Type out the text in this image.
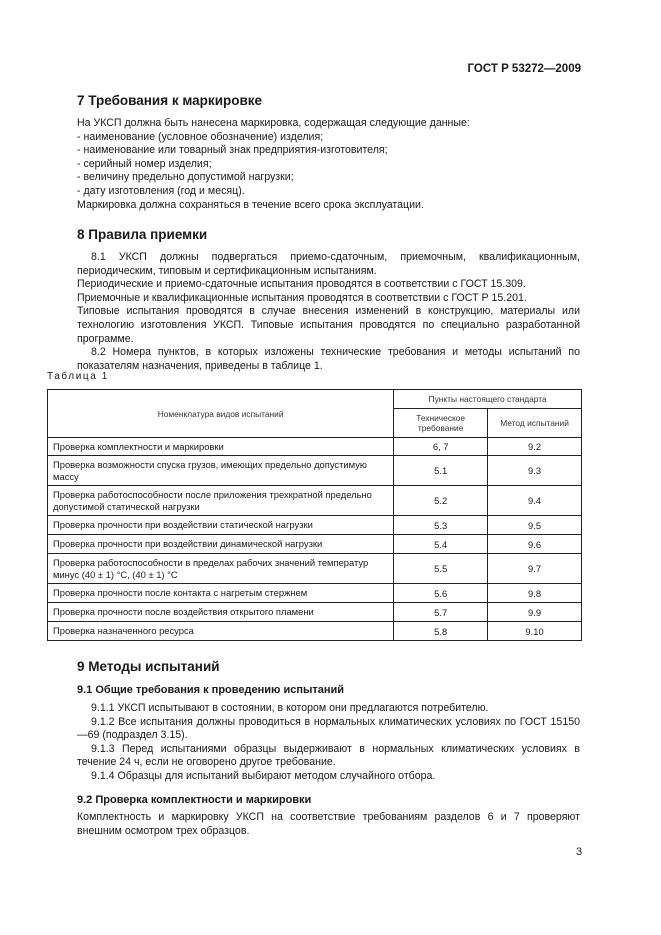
ГОСТ Р 53272—2009
7 Требования к маркировке

На УКСП должна быть нанесена маркировка, содержащая следующие данные:

- наименование (условное обозначение) изделия;

- наименование или товарный знак предприятия-изготовителя;

- серийный номер изделия;

- величину предельно допустимой нагрузки;

- дату изготовления (год и месяц).

Маркировка должна сохраняться в течение всего срока эксплуатации.

8 Правила приемки

8.1 УКСП должны подвергаться приемо-сдаточным, приемочным, квалификационным, периодическим, типовым и сертификационным испытаниям.

Периодические и приемо-сдаточные испытания проводятся в соответствии с ГОСТ 15.309.

Приемочные и квалификационные испытания проводятся в соответствии с ГОСТ Р 15.201.

Типовые испытания проводятся в случае внесения изменений в конструкцию, материалы или технологию изготовления УКСП. Типовые испытания проводятся по специально разработанной программе.

8.2 Номера пунктов, в которых изложены технические требования и методы испытаний по показателям назначения, приведены в таблице 1.

Таблица 1
Номенклатура видов испытаний	Пункты настоящего стандарта	
	Техническое требование	Метод испытаний
Проверка комплектности и маркировки	6, 7	9.2
Проверка возможности спуска грузов, имеющих предельно допустимую массу	5.1	9.3
Проверка работоспособности после приложения трехкратной предельно допустимой статической нагрузки	5.2	9.4
Проверка прочности при воздействии статической нагрузки	5.3	9.5
Проверка прочности при воздействии динамической нагрузки	5.4	9.6
Проверка работоспособности в пределах рабочих значений температур минус (40 ± 1) °С, (40 ± 1) °С	5.5	9.7
Проверка прочности после контакта с нагретым стержнем	5.6	9.8
Проверка прочности после воздействия открытого пламени	5.7	9.9
Проверка назначенного ресурса	5.8	9.10
9 Методы испытаний
9.1 Общие требования к проведению испытаний

9.1.1 УКСП испытывают в состоянии, в котором они предлагаются потребителю.

9.1.2 Все испытания должны проводиться в нормальных климатических условиях по ГОСТ 15150—69 (подраздел 3.15).

9.1.3 Перед испытаниями образцы выдерживают в нормальных климатических условиях в течение 24 ч, если не оговорено другое требование.

9.1.4 Образцы для испытаний выбирают методом случайного отбора.

9.2 Проверка комплектности и маркировки

Комплектность и маркировку УКСП на соответствие требованиям разделов 6 и 7 проверяют внешним осмотром трех образцов.

3
